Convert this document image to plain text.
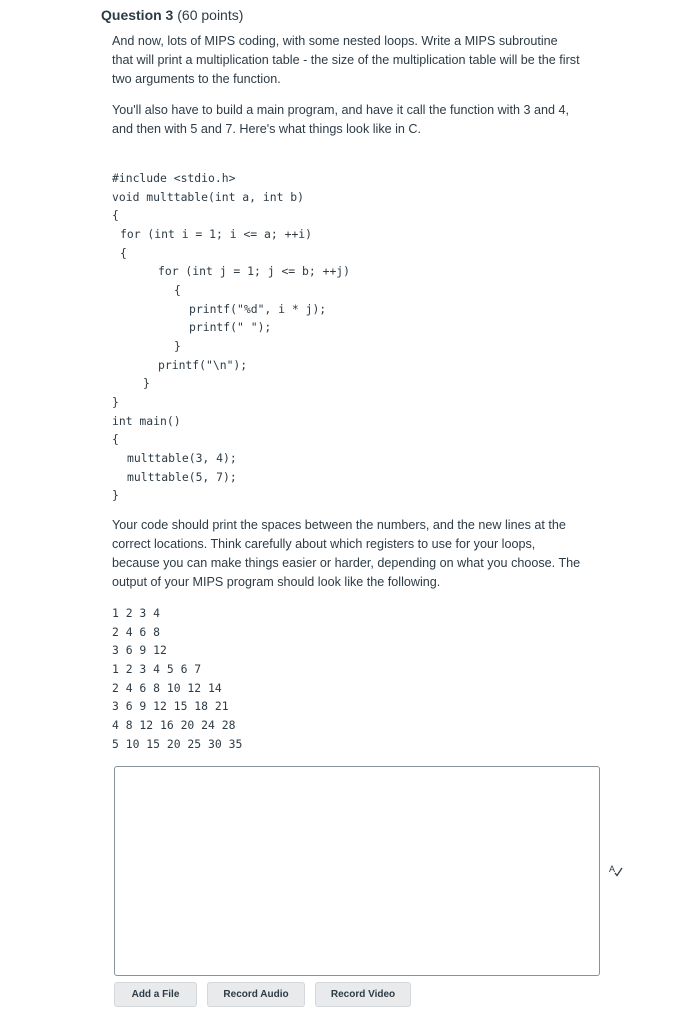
Question 3 (60 points)

And now, lots of MIPS coding, with some nested loops. Write a MIPS subroutine that will print a multiplication table - the size of the multiplication table will be the first two arguments to the function.

You'll also have to build a main program, and have it call the function with 3 and 4, and then with 5 and 7. Here's what things look like in C.

Your code should print the spaces between the numbers, and the new lines at the correct locations. Think carefully about which registers to use for your loops, because you can make things easier or harder, depending on what you choose. The output of your MIPS program should look like the following.

#include <stdio.h>
void multtable(int a, int b)
{
for (int i = 1; i <= a; ++i)
{
for (int j = 1; j <= b; ++j)
{
printf("%d", i * j);
printf(" ");
}
printf("\n");
}
}
int main()
{
multtable(3, 4);
multtable(5, 7);
}
1 2 3 4
2 4 6 8
3 6 9 12
1 2 3 4 5 6 7
2 4 6 8 10 12 14
3 6 9 12 15 18 21
4 8 12 16 20 24 28
5 10 15 20 25 30 35
A
Add a File	Record Audio	Record Video
